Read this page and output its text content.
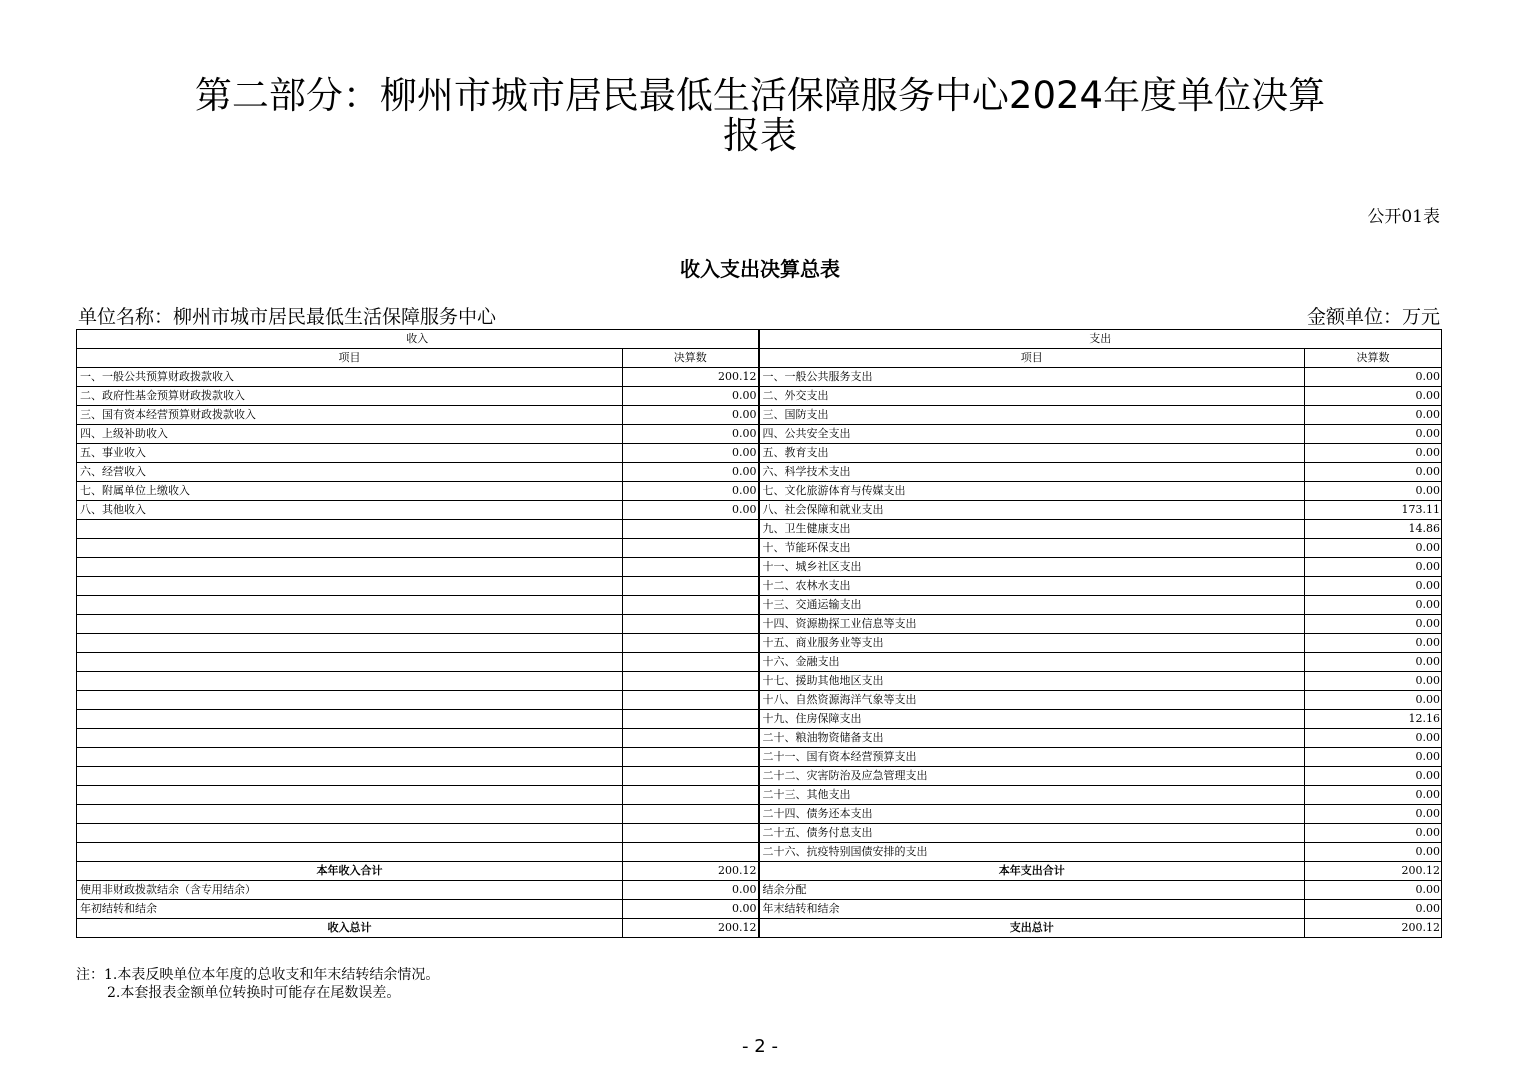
第二部分：柳州市城市居民最低生活保障服务中心2024年度单位决算
报表
公开01表
收入支出决算总表
单位名称：柳州市城市居民最低生活保障服务中心	金额单位：万元
收入		支出	
项目	决算数	项目	决算数
一、一般公共预算财政拨款收入	200.12	一、一般公共服务支出	0.00
二、政府性基金预算财政拨款收入	0.00	二、外交支出	0.00
三、国有资本经营预算财政拨款收入	0.00	三、国防支出	0.00
四、上级补助收入	0.00	四、公共安全支出	0.00
五、事业收入	0.00	五、教育支出	0.00
六、经营收入	0.00	六、科学技术支出	0.00
七、附属单位上缴收入	0.00	七、文化旅游体育与传媒支出	0.00
八、其他收入	0.00	八、社会保障和就业支出	173.11
		九、卫生健康支出	14.86
		十、节能环保支出	0.00
		十一、城乡社区支出	0.00
		十二、农林水支出	0.00
		十三、交通运输支出	0.00
		十四、资源勘探工业信息等支出	0.00
		十五、商业服务业等支出	0.00
		十六、金融支出	0.00
		十七、援助其他地区支出	0.00
		十八、自然资源海洋气象等支出	0.00
		十九、住房保障支出	12.16
		二十、粮油物资储备支出	0.00
		二十一、国有资本经营预算支出	0.00
		二十二、灾害防治及应急管理支出	0.00
		二十三、其他支出	0.00
		二十四、债务还本支出	0.00
		二十五、债务付息支出	0.00
		二十六、抗疫特别国债安排的支出	0.00
本年收入合计	200.12	本年支出合计	200.12
使用非财政拨款结余（含专用结余）	0.00	结余分配	0.00
年初结转和结余	0.00	年末结转和结余	0.00
收入总计	200.12	支出总计	200.12
注：1.本表反映单位本年度的总收支和年末结转结余情况。
2.本套报表金额单位转换时可能存在尾数误差。
- 2 -
